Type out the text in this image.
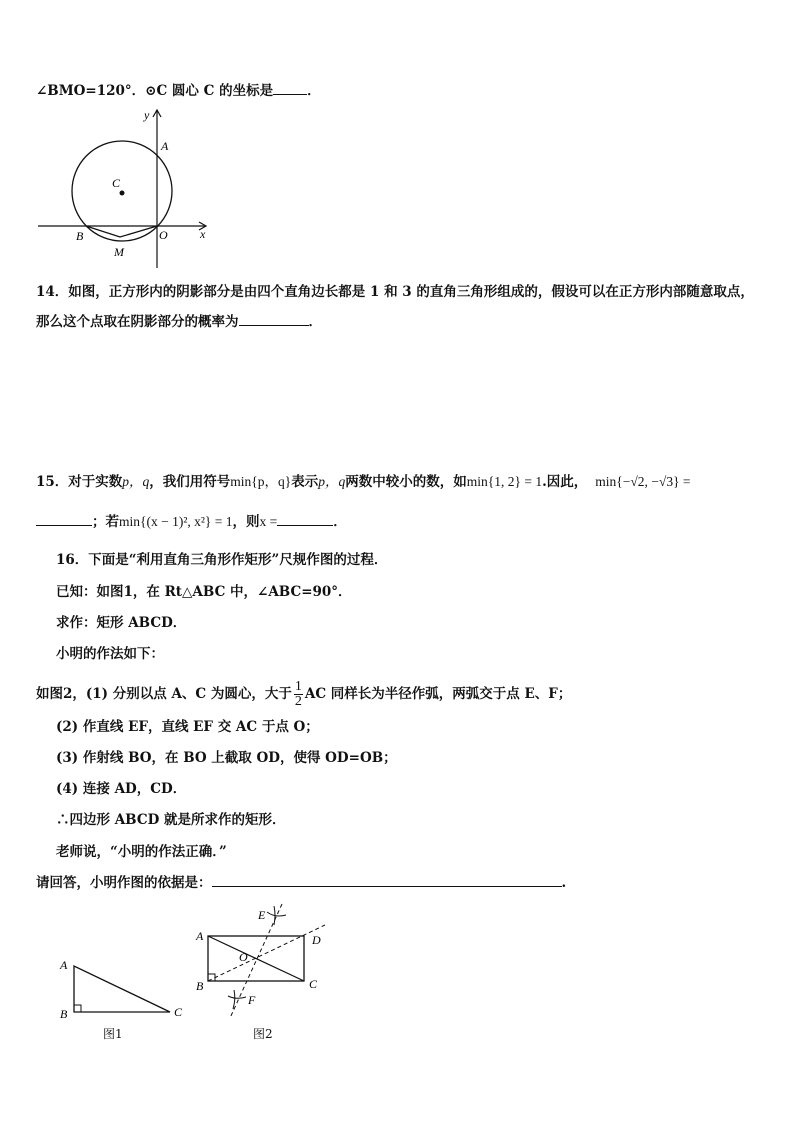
∠BMO=120°．⊙C 圆心 C 的坐标是	．
y
A
C
B	O
M
x
14．如图，正方形内的阴影部分是由四个直角边长都是 1 和 3 的直角三角形组成的，假设可以在正方形内部随意取点，
那么这个点取在阴影部分的概率为	．
15．对于实数p，q，我们用符号min{p，q}表示p，q两数中较小的数，如min{1, 2} = 1.因此， min{−√2, −√3} =
；若min{(x − 1)², x²} = 1，则x =	．
16．下面是“利用直角三角形作矩形”尺规作图的过程．
已知：如图1，在 Rt△ABC 中，∠ABC=90°．
求作：矩形 ABCD．
小明的作法如下：
如图2，(1) 分别以点 A、C 为圆心，大于 $\frac{1}{2}$ AC 同样长为半径作弧，两弧交于点 E、F；
(2) 作直线 EF，直线 EF 交 AC 于点 O；
(3) 作射线 BO，在 BO 上截取 OD，使得 OD=OB；
(4) 连接 AD，CD．
∴四边形 ABCD 就是所求作的矩形．
老师说，“小明的作法正确．”
请回答，小明作图的依据是：	.
A
B	C
图1
A
B	C
D
E
F
O
图2
